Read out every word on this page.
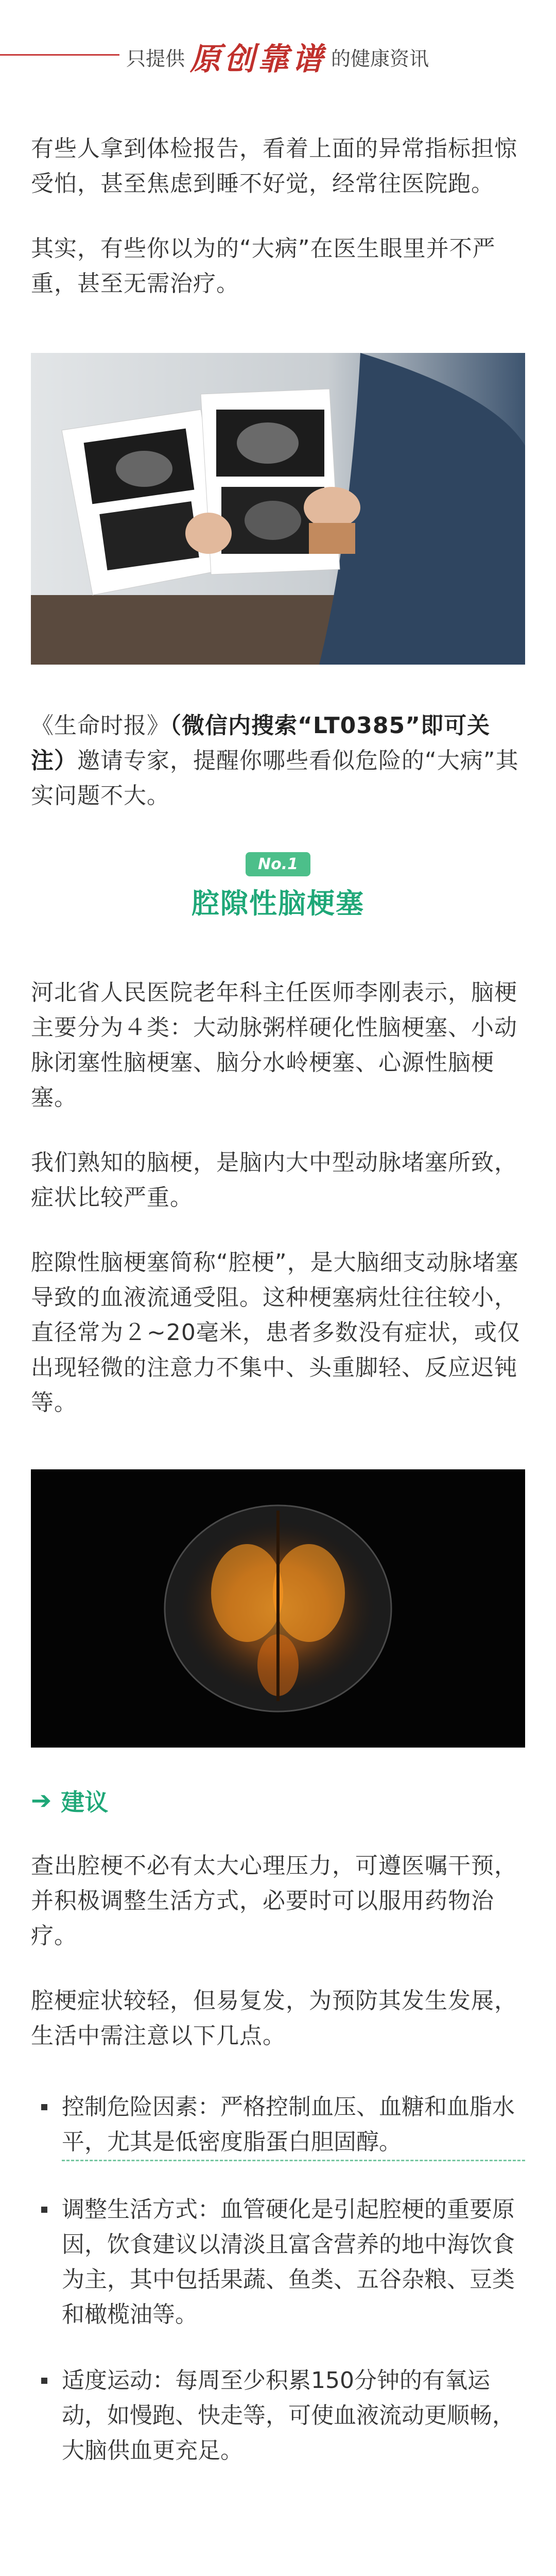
只提供 原创靠谱 的健康资讯

有些人拿到体检报告，看着上面的异常指标担惊受怕，甚至焦虑到睡不好觉，经常往医院跑。

其实，有些你以为的“大病”在医生眼里并不严重，甚至无需治疗。

《生命时报》（微信内搜索“LT0385”即可关注）邀请专家，提醒你哪些看似危险的“大病”其实问题不大。

No.1
腔隙性脑梗塞

河北省人民医院老年科主任医师李刚表示，脑梗主要分为４类：大动脉粥样硬化性脑梗塞、小动脉闭塞性脑梗塞、脑分水岭梗塞、心源性脑梗塞。

我们熟知的脑梗，是脑内大中型动脉堵塞所致，症状比较严重。

腔隙性脑梗塞简称“腔梗”，是大脑细支动脉堵塞导致的血液流通受阻。这种梗塞病灶往往较小，直径常为２~20毫米，患者多数没有症状，或仅出现轻微的注意力不集中、头重脚轻、反应迟钝等。

➔ 建议

查出腔梗不必有太大心理压力，可遵医嘱干预，并积极调整生活方式，必要时可以服用药物治疗。

腔梗症状较轻，但易复发，为预防其发生发展，生活中需注意以下几点。

控制危险因素：严格控制血压、血糖和血脂水平，尤其是低密度脂蛋白胆固醇。
调整生活方式：血管硬化是引起腔梗的重要原因，饮食建议以清淡且富含营养的地中海饮食为主，其中包括果蔬、鱼类、五谷杂粮、豆类和橄榄油等。
适度运动：每周至少积累150分钟的有氧运动，如慢跑、快走等，可使血液流动更顺畅，大脑供血更充足。
